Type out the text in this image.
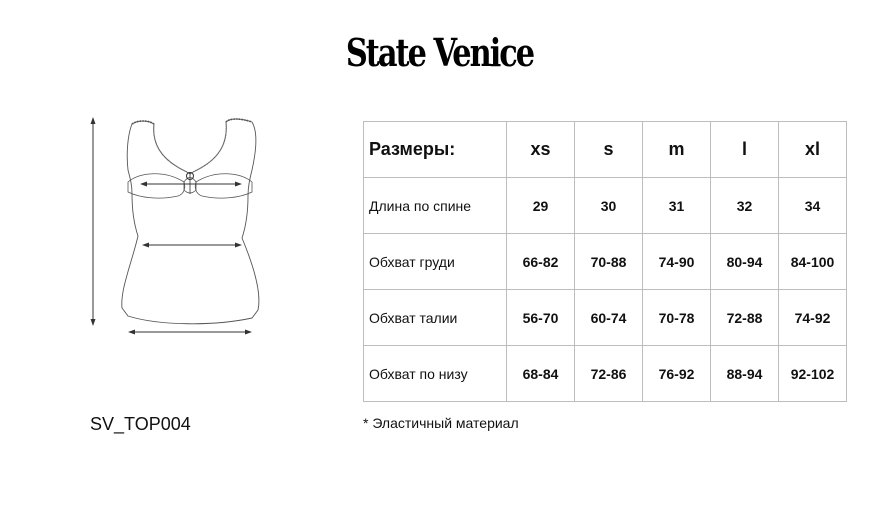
State Venice
SV_TOP004
Размеры:	xs	s	m	l	xl
Длина по спине	29	30	31	32	34
Обхват груди	66-82	70-88	74-90	80-94	84-100
Обхват талии	56-70	60-74	70-78	72-88	74-92
Обхват по низу	68-84	72-86	76-92	88-94	92-102
* Эластичный материал
